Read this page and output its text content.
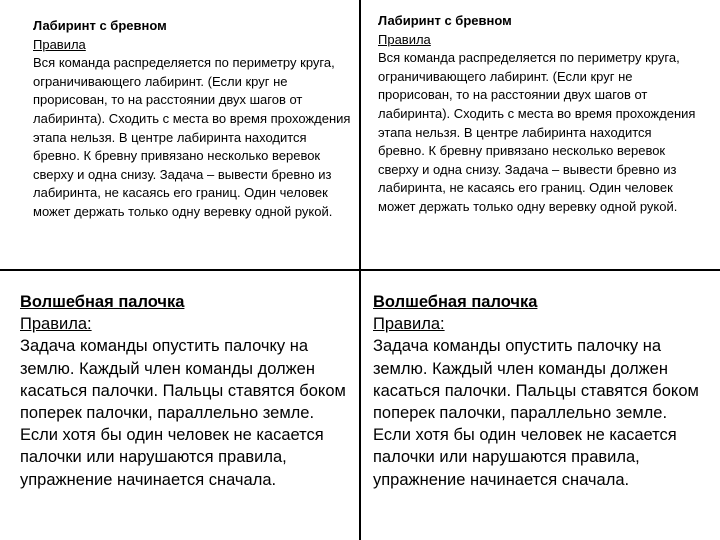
Лабиринт с бревном

Правила

Вся команда распределяется по периметру круга, ограничивающего лабиринт. (Если круг не прорисован, то на расстоянии двух шагов от лабиринта). Сходить с места во время прохождения этапа нельзя. В центре лабиринта находится бревно. К бревну привязано несколько веревок сверху и одна снизу. Задача – вывести бревно из лабиринта, не касаясь его границ. Один человек может держать только одну веревку одной рукой.

Лабиринт с бревном

Правила

Вся команда распределяется по периметру круга, ограничивающего лабиринт. (Если круг не прорисован, то на расстоянии двух шагов от лабиринта). Сходить с места во время прохождения этапа нельзя. В центре лабиринта находится бревно. К бревну привязано несколько веревок сверху и одна снизу. Задача – вывести бревно из лабиринта, не касаясь его границ. Один человек может держать только одну веревку одной рукой.

Волшебная палочка

Правила:

Задача команды опустить палочку на землю. Каждый член команды должен касаться палочки. Пальцы ставятся боком поперек палочки, параллельно земле. Если хотя бы один человек не касается палочки или нарушаются правила, упражнение начинается сначала.

Волшебная палочка

Правила:

Задача команды опустить палочку на землю. Каждый член команды должен касаться палочки. Пальцы ставятся боком поперек палочки, параллельно земле. Если хотя бы один человек не касается палочки или нарушаются правила, упражнение начинается сначала.
